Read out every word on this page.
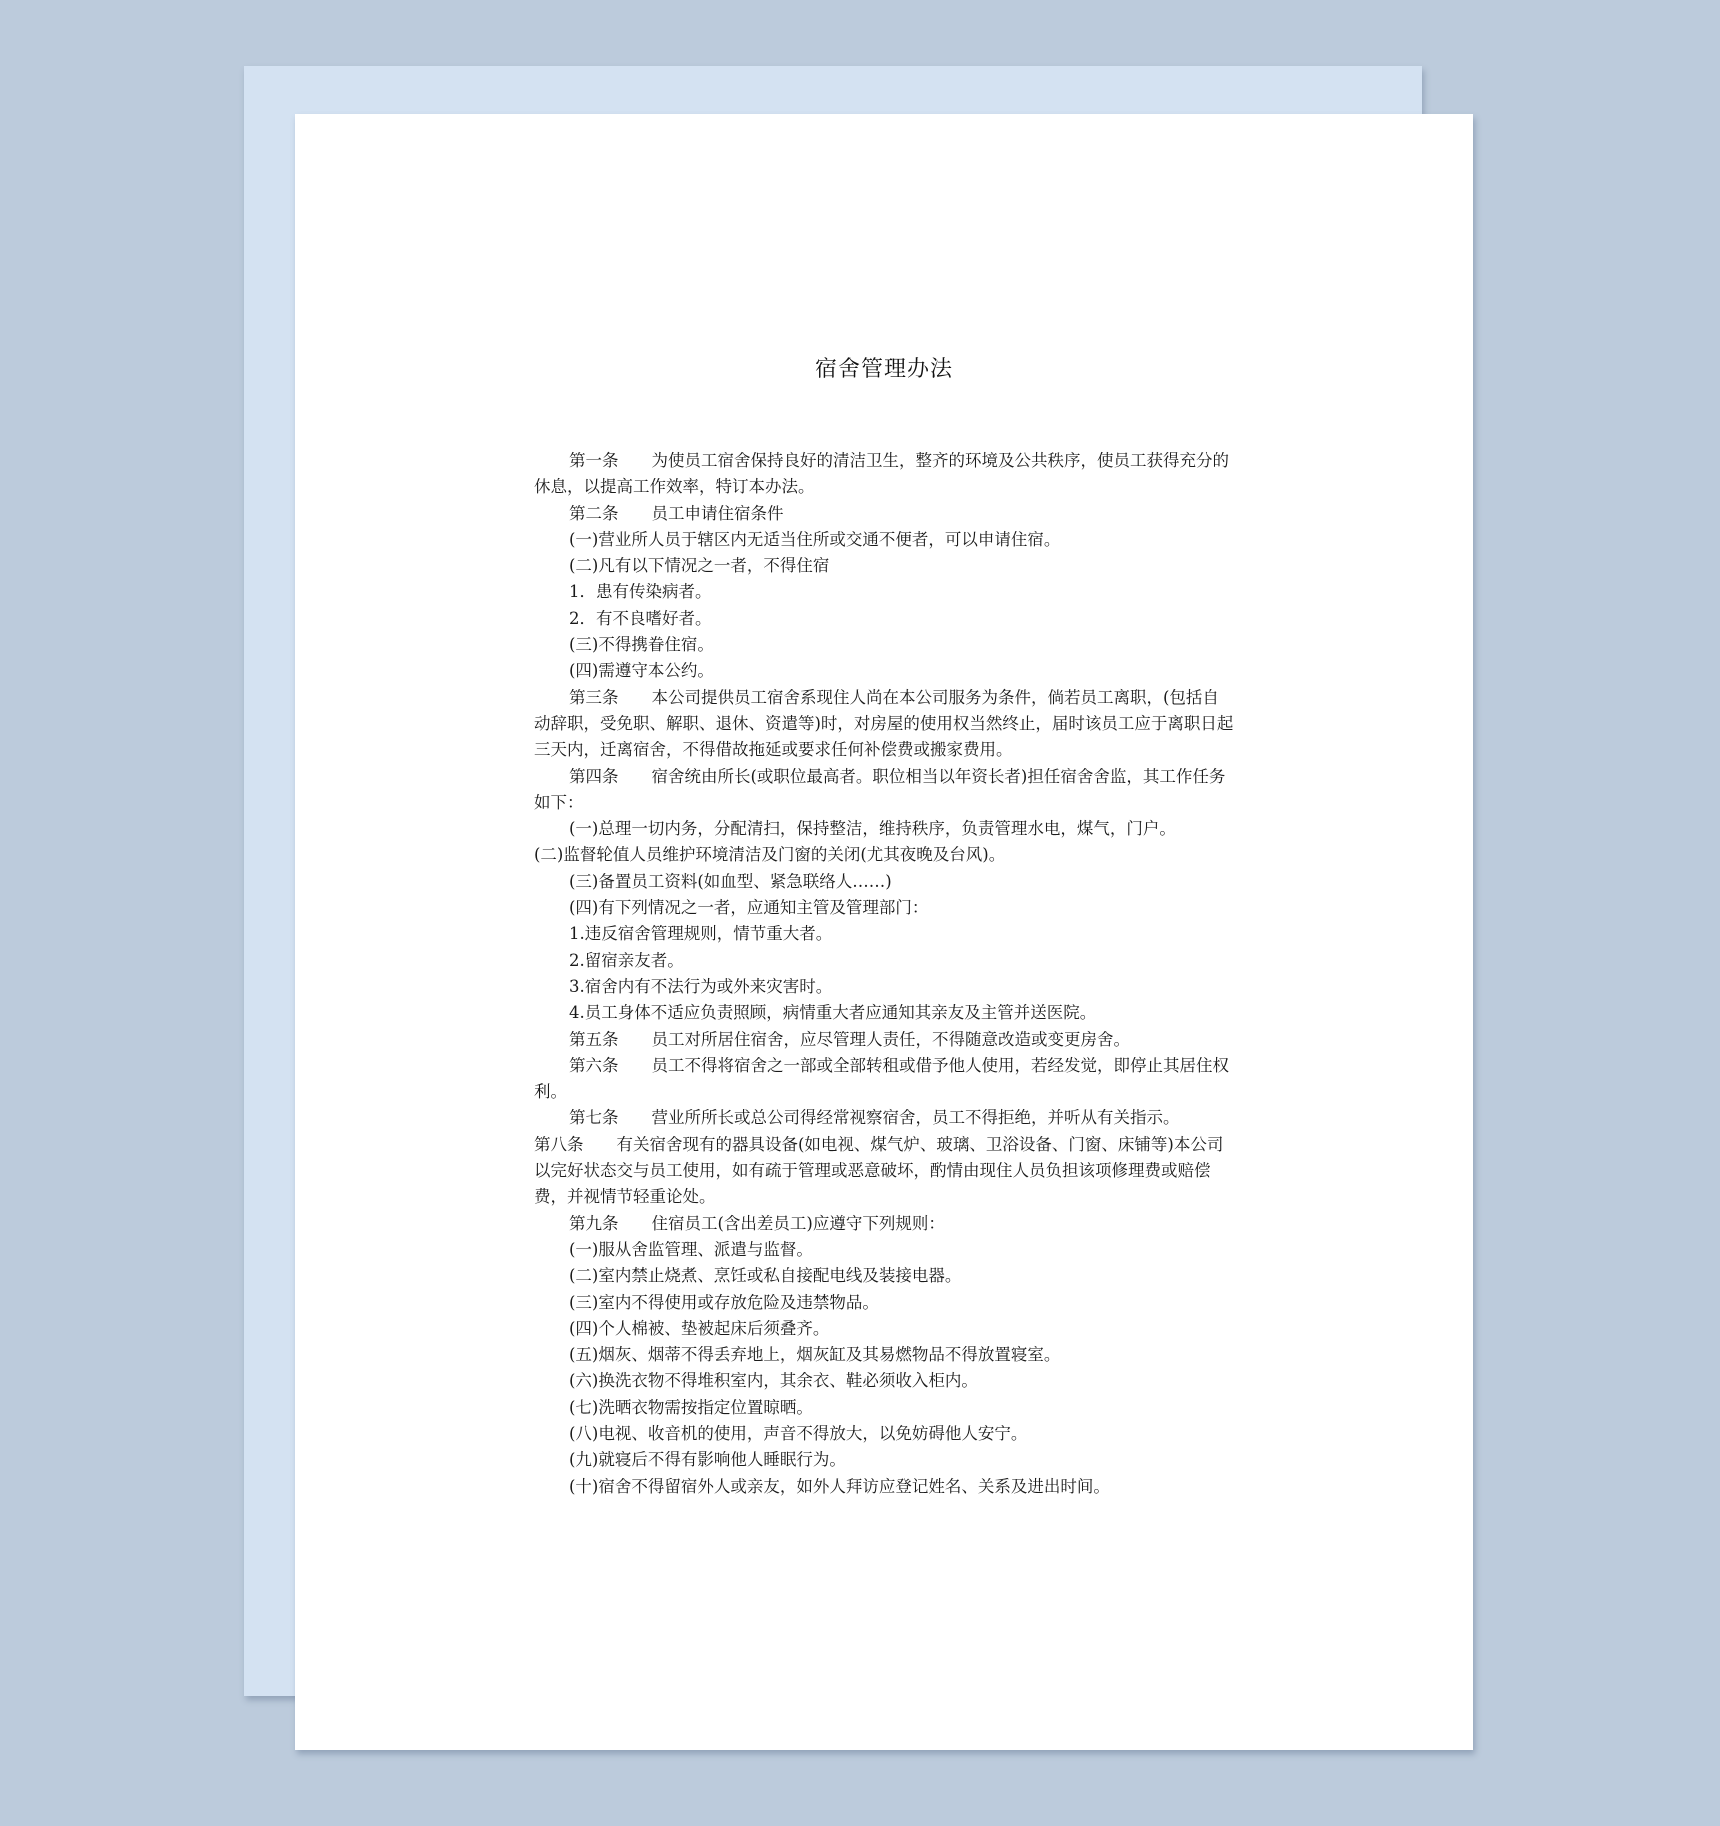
宿舍管理办法

第一条　　为使员工宿舍保持良好的清洁卫生，整齐的环境及公共秩序，使员工获得充分的休息，以提高工作效率，特订本办法。

第二条　　员工申请住宿条件

(一)营业所人员于辖区内无适当住所或交通不便者，可以申请住宿。

(二)凡有以下情况之一者，不得住宿

1．患有传染病者。

2．有不良嗜好者。

(三)不得携眷住宿。

(四)需遵守本公约。

第三条　　本公司提供员工宿舍系现住人尚在本公司服务为条件，倘若员工离职，(包括自动辞职，受免职、解职、退休、资遣等)时，对房屋的使用权当然终止，届时该员工应于离职日起三天内，迁离宿舍，不得借故拖延或要求任何补偿费或搬家费用。

第四条　　宿舍统由所长(或职位最高者。职位相当以年资长者)担任宿舍舍监，其工作任务如下：

(一)总理一切内务，分配清扫，保持整洁，维持秩序，负责管理水电，煤气，门户。

(二)监督轮值人员维护环境清洁及门窗的关闭(尤其夜晚及台风)。

(三)备置员工资料(如血型、紧急联络人……)

(四)有下列情况之一者，应通知主管及管理部门：

1.违反宿舍管理规则，情节重大者。

2.留宿亲友者。

3.宿舍内有不法行为或外来灾害时。

4.员工身体不适应负责照顾，病情重大者应通知其亲友及主管并送医院。

第五条　　员工对所居住宿舍，应尽管理人责任，不得随意改造或变更房舍。

第六条　　员工不得将宿舍之一部或全部转租或借予他人使用，若经发觉，即停止其居住权利。

第七条　　营业所所长或总公司得经常视察宿舍，员工不得拒绝，并听从有关指示。

第八条　　有关宿舍现有的器具设备(如电视、煤气炉、玻璃、卫浴设备、门窗、床铺等)本公司以完好状态交与员工使用，如有疏于管理或恶意破坏，酌情由现住人员负担该项修理费或赔偿费，并视情节轻重论处。

第九条　　住宿员工(含出差员工)应遵守下列规则：

(一)服从舍监管理、派遣与监督。

(二)室内禁止烧煮、烹饪或私自接配电线及装接电器。

(三)室内不得使用或存放危险及违禁物品。

(四)个人棉被、垫被起床后须叠齐。

(五)烟灰、烟蒂不得丢弃地上，烟灰缸及其易燃物品不得放置寝室。

(六)换洗衣物不得堆积室内，其余衣、鞋必须收入柜内。

(七)洗晒衣物需按指定位置晾晒。

(八)电视、收音机的使用，声音不得放大，以免妨碍他人安宁。

(九)就寝后不得有影响他人睡眠行为。

(十)宿舍不得留宿外人或亲友，如外人拜访应登记姓名、关系及进出时间。
